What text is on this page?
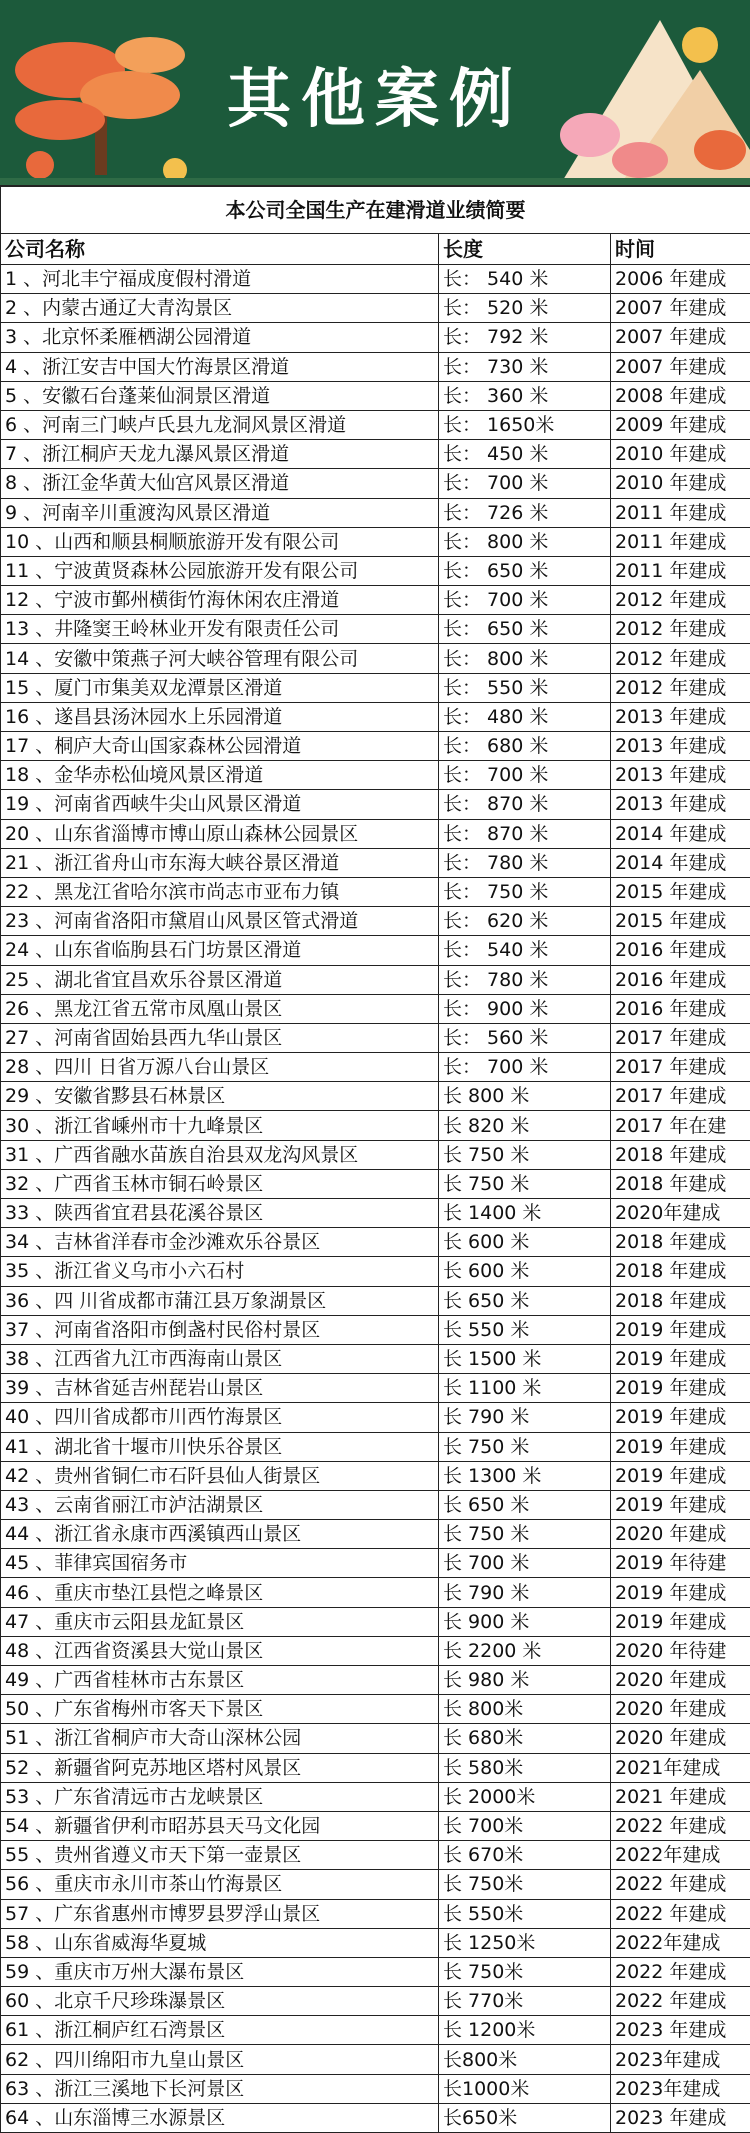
其他案例
本公司全国生产在建滑道业绩简要		
公司名称	长度	时间
1 、河北丰宁福成度假村滑道	长： 540 米	2006 年建成
2 、内蒙古通辽大青沟景区	长： 520 米	2007 年建成
3 、北京怀柔雁栖湖公园滑道	长： 792 米	2007 年建成
4 、浙江安吉中国大竹海景区滑道	长： 730 米	2007 年建成
5 、安徽石台蓬莱仙洞景区滑道	长： 360 米	2008 年建成
6 、河南三门峡卢氏县九龙洞风景区滑道	长： 1650米	2009 年建成
7 、浙江桐庐天龙九瀑风景区滑道	长： 450 米	2010 年建成
8 、浙江金华黄大仙宫风景区滑道	长： 700 米	2010 年建成
9 、河南辛川重渡沟风景区滑道	长： 726 米	2011 年建成
10 、山西和顺县桐顺旅游开发有限公司	长： 800 米	2011 年建成
11 、宁波黄贤森林公园旅游开发有限公司	长： 650 米	2011 年建成
12 、宁波市鄞州横街竹海休闲农庄滑道	长： 700 米	2012 年建成
13 、井隆窦王岭林业开发有限责任公司	长： 650 米	2012 年建成
14 、安徽中策燕子河大峡谷管理有限公司	长： 800 米	2012 年建成
15 、厦门市集美双龙潭景区滑道	长： 550 米	2012 年建成
16 、遂昌县汤沐园水上乐园滑道	长： 480 米	2013 年建成
17 、桐庐大奇山国家森林公园滑道	长： 680 米	2013 年建成
18 、金华赤松仙境风景区滑道	长： 700 米	2013 年建成
19 、河南省西峡牛尖山风景区滑道	长： 870 米	2013 年建成
20 、山东省淄博市博山原山森林公园景区	长： 870 米	2014 年建成
21 、浙江省舟山市东海大峡谷景区滑道	长： 780 米	2014 年建成
22 、黑龙江省哈尔滨市尚志市亚布力镇	长： 750 米	2015 年建成
23 、河南省洛阳市黛眉山风景区管式滑道	长： 620 米	2015 年建成
24 、山东省临朐县石门坊景区滑道	长： 540 米	2016 年建成
25 、湖北省宜昌欢乐谷景区滑道	长： 780 米	2016 年建成
26 、黑龙江省五常市凤凰山景区	长： 900 米	2016 年建成
27 、河南省固始县西九华山景区	长： 560 米	2017 年建成
28 、四川 日省万源八台山景区	长： 700 米	2017 年建成
29 、安徽省黟县石林景区	长 800 米	2017 年建成
30 、浙江省嵊州市十九峰景区	长 820 米	2017 年在建
31 、广西省融水苗族自治县双龙沟风景区	长 750 米	2018 年建成
32 、广西省玉林市铜石岭景区	长 750 米	2018 年建成
33 、陕西省宜君县花溪谷景区	长 1400 米	2020年建成
34 、吉林省洋春市金沙滩欢乐谷景区	长 600 米	2018 年建成
35 、浙江省义乌市小六石村	长 600 米	2018 年建成
36 、四 川省成都市蒲江县万象湖景区	长 650 米	2018 年建成
37 、河南省洛阳市倒盏村民俗村景区	长 550 米	2019 年建成
38 、江西省九江市西海南山景区	长 1500 米	2019 年建成
39 、吉林省延吉州琵岩山景区	长 1100 米	2019 年建成
40 、四川省成都市川西竹海景区	长 790 米	2019 年建成
41 、湖北省十堰市川快乐谷景区	长 750 米	2019 年建成
42 、贵州省铜仁市石阡县仙人街景区	长 1300 米	2019 年建成
43 、云南省丽江市泸沽湖景区	长 650 米	2019 年建成
44 、浙江省永康市西溪镇西山景区	长 750 米	2020 年建成
45 、菲律宾国宿务市	长 700 米	2019 年待建
46 、重庆市垫江县恺之峰景区	长 790 米	2019 年建成
47 、重庆市云阳县龙缸景区	长 900 米	2019 年建成
48 、江西省资溪县大觉山景区	长 2200 米	2020 年待建
49 、广西省桂林市古东景区	长 980 米	2020 年建成
50 、广东省梅州市客天下景区	长 800米	2020 年建成
51 、浙江省桐庐市大奇山深林公园	长 680米	2020 年建成
52 、新疆省阿克苏地区塔村风景区	长 580米	2021年建成
53 、广东省清远市古龙峡景区	长 2000米	2021 年建成
54 、新疆省伊利市昭苏县天马文化园	长 700米	2022 年建成
55 、贵州省遵义市天下第一壶景区	长 670米	2022年建成
56 、重庆市永川市茶山竹海景区	长 750米	2022 年建成
57 、广东省惠州市博罗县罗浮山景区	长 550米	2022 年建成
58 、山东省威海华夏城	长 1250米	2022年建成
59 、重庆市万州大瀑布景区	长 750米	2022 年建成
60 、北京千尺珍珠瀑景区	长 770米	2022 年建成
61 、浙江桐庐红石湾景区	长 1200米	2023 年建成
62 、四川绵阳市九皇山景区	长800米	2023年建成
63 、浙江三溪地下长河景区	长1000米	2023年建成
64 、山东淄博三水源景区	长650米	2023 年建成
